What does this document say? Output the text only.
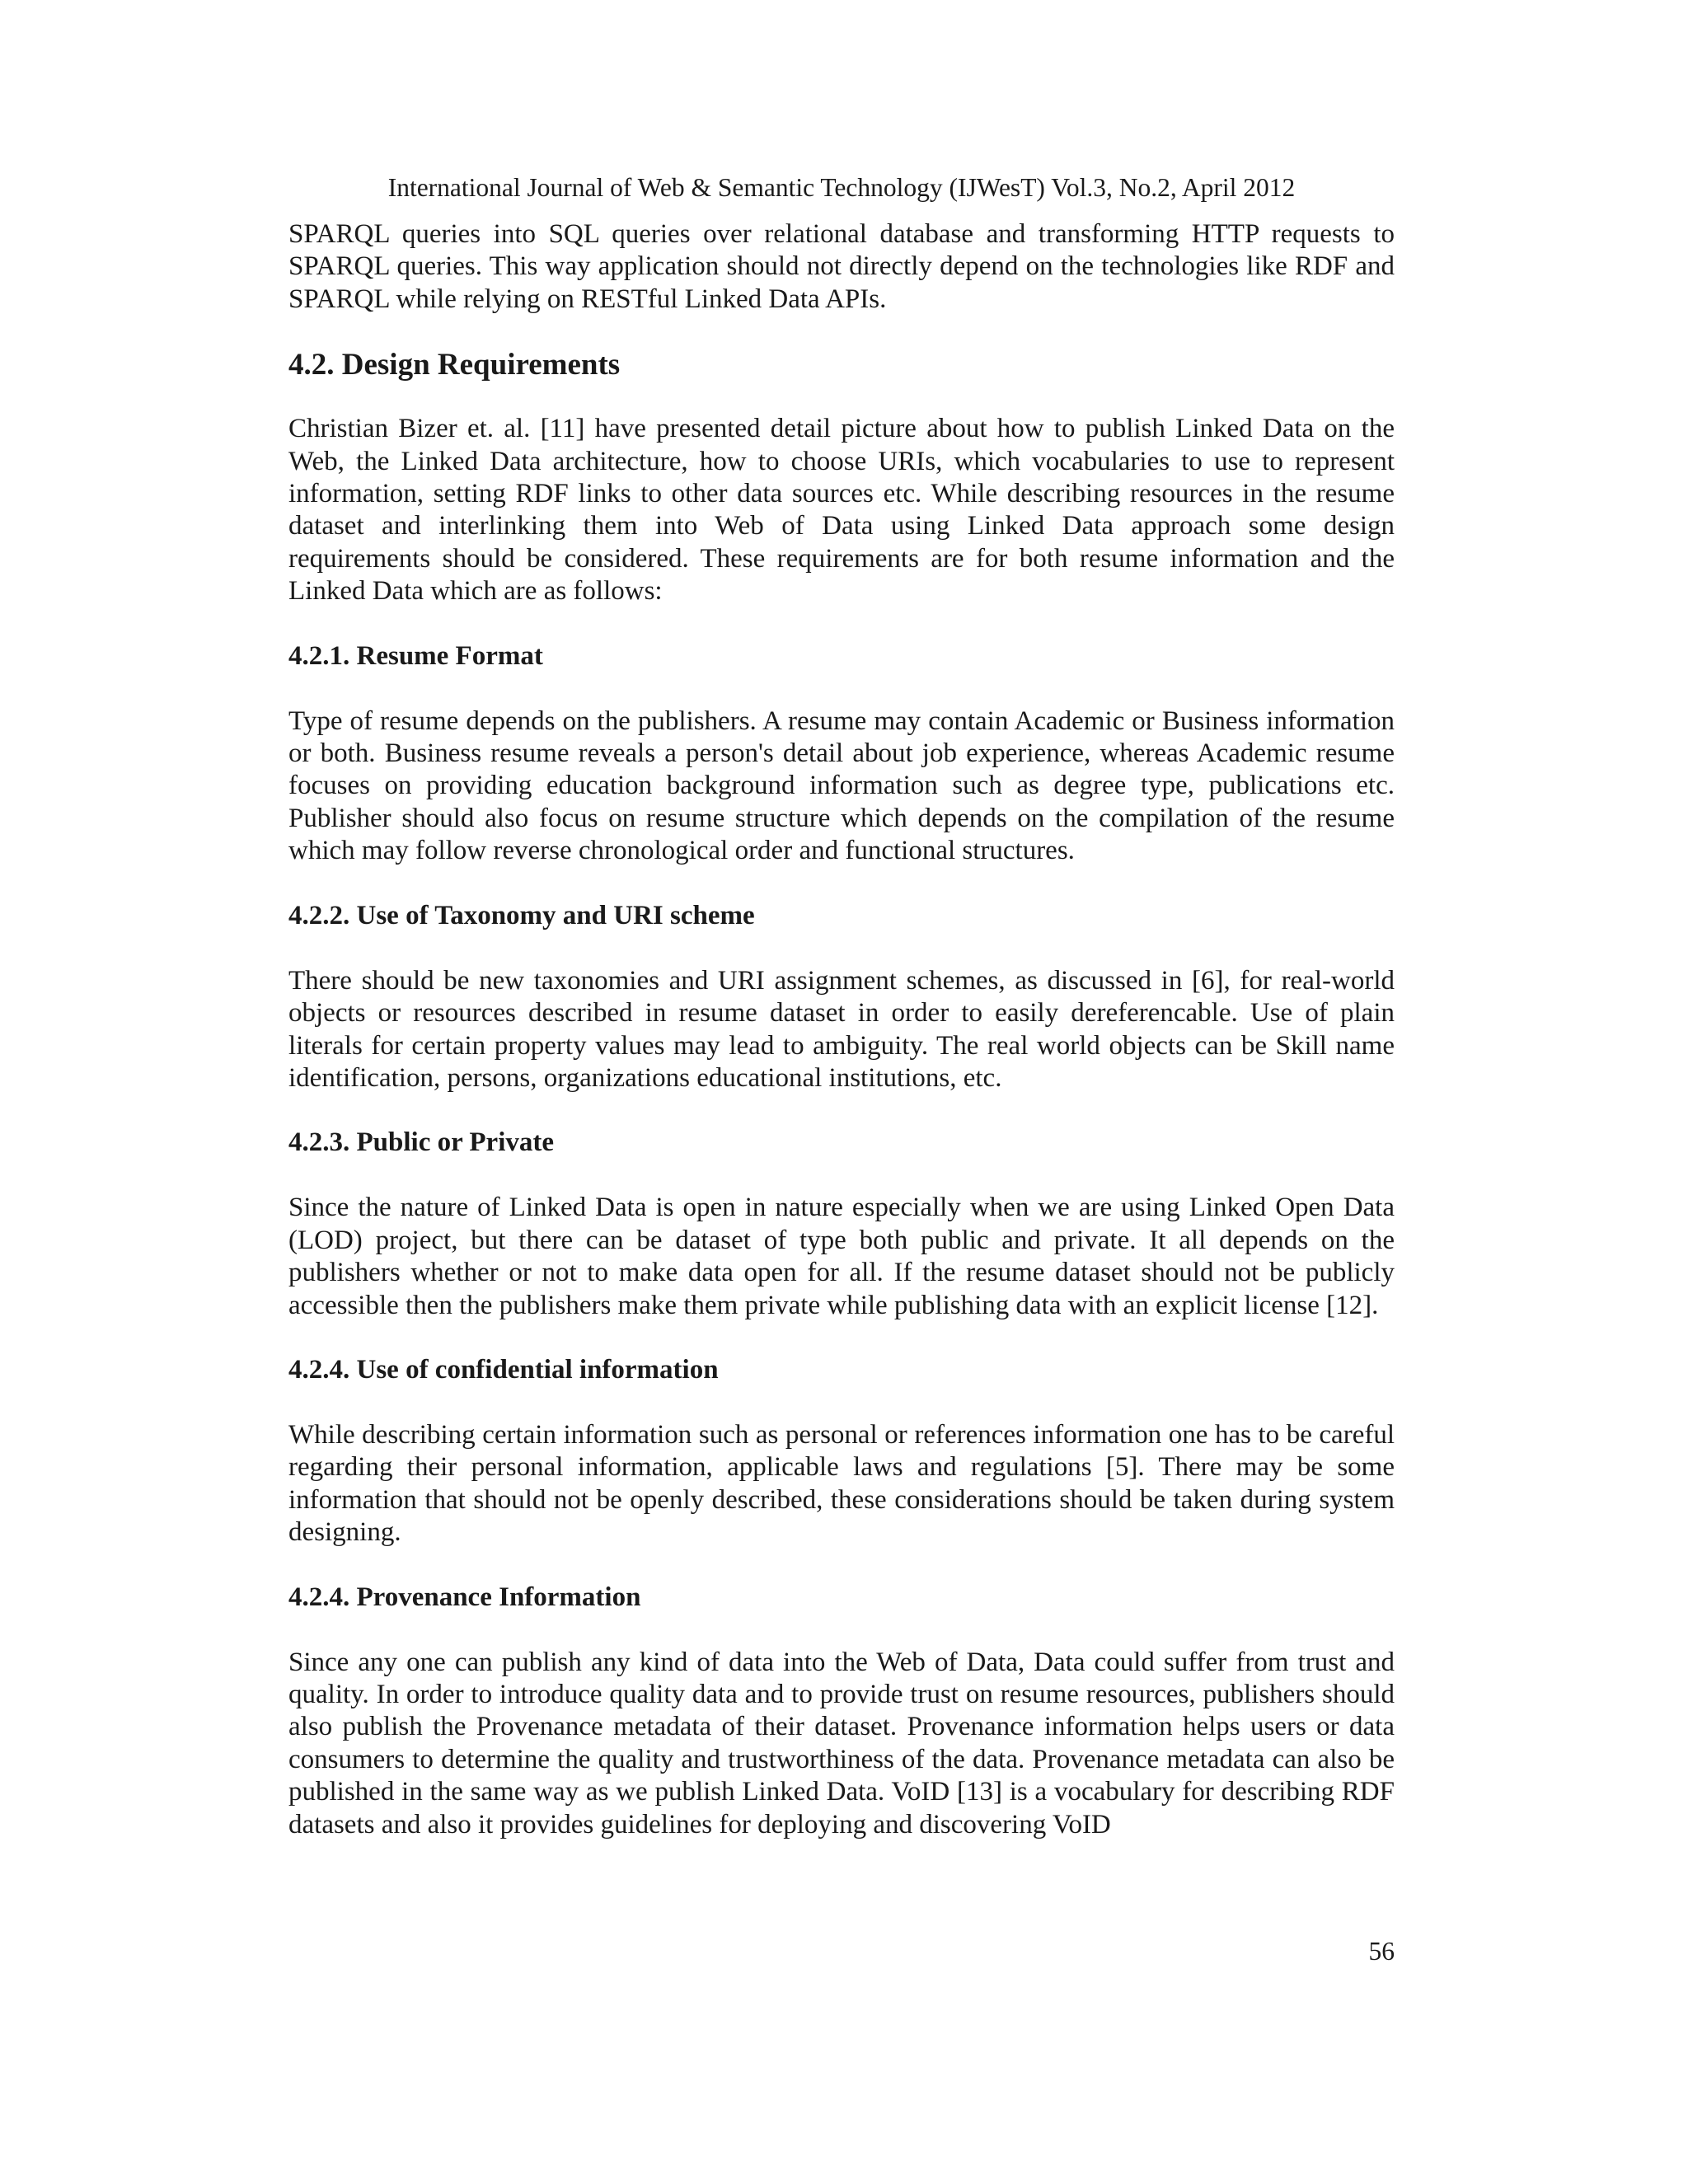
International Journal of Web & Semantic Technology (IJWesT) Vol.3, No.2, April 2012

SPARQL queries into SQL queries over relational database and transforming HTTP requests to SPARQL queries. This way application should not directly depend on the technologies like RDF and SPARQL while relying on RESTful Linked Data APIs.

4.2. Design Requirements

Christian Bizer et. al. [11] have presented detail picture about how to publish Linked Data on the Web, the Linked Data architecture, how to choose URIs, which vocabularies to use to represent information, setting RDF links to other data sources etc. While describing resources in the resume dataset and interlinking them into Web of Data using Linked Data approach some design requirements should be considered. These requirements are for both resume information and the Linked Data which are as follows:

4.2.1. Resume Format

Type of resume depends on the publishers. A resume may contain Academic or Business information or both. Business resume reveals a person's detail about job experience, whereas Academic resume focuses on providing education background information such as degree type, publications etc. Publisher should also focus on resume structure which depends on the compilation of the resume which may follow reverse chronological order and functional structures.

4.2.2. Use of Taxonomy and URI scheme

There should be new taxonomies and URI assignment schemes, as discussed in [6], for real-world objects or resources described in resume dataset in order to easily dereferencable. Use of plain literals for certain property values may lead to ambiguity. The real world objects can be Skill name identification, persons, organizations educational institutions, etc.

4.2.3. Public or Private

Since the nature of Linked Data is open in nature especially when we are using Linked Open Data (LOD) project, but there can be dataset of type both public and private. It all depends on the publishers whether or not to make data open for all. If the resume dataset should not be publicly accessible then the publishers make them private while publishing data with an explicit license [12].

4.2.4. Use of confidential information

While describing certain information such as personal or references information one has to be careful regarding their personal information, applicable laws and regulations [5]. There may be some information that should not be openly described, these considerations should be taken during system designing.

4.2.4. Provenance Information

Since any one can publish any kind of data into the Web of Data, Data could suffer from trust and quality. In order to introduce quality data and to provide trust on resume resources, publishers should also publish the Provenance metadata of their dataset. Provenance information helps users or data consumers to determine the quality and trustworthiness of the data. Provenance metadata can also be published in the same way as we publish Linked Data. VoID [13] is a vocabulary for describing RDF datasets and also it provides guidelines for deploying and discovering VoID

56
